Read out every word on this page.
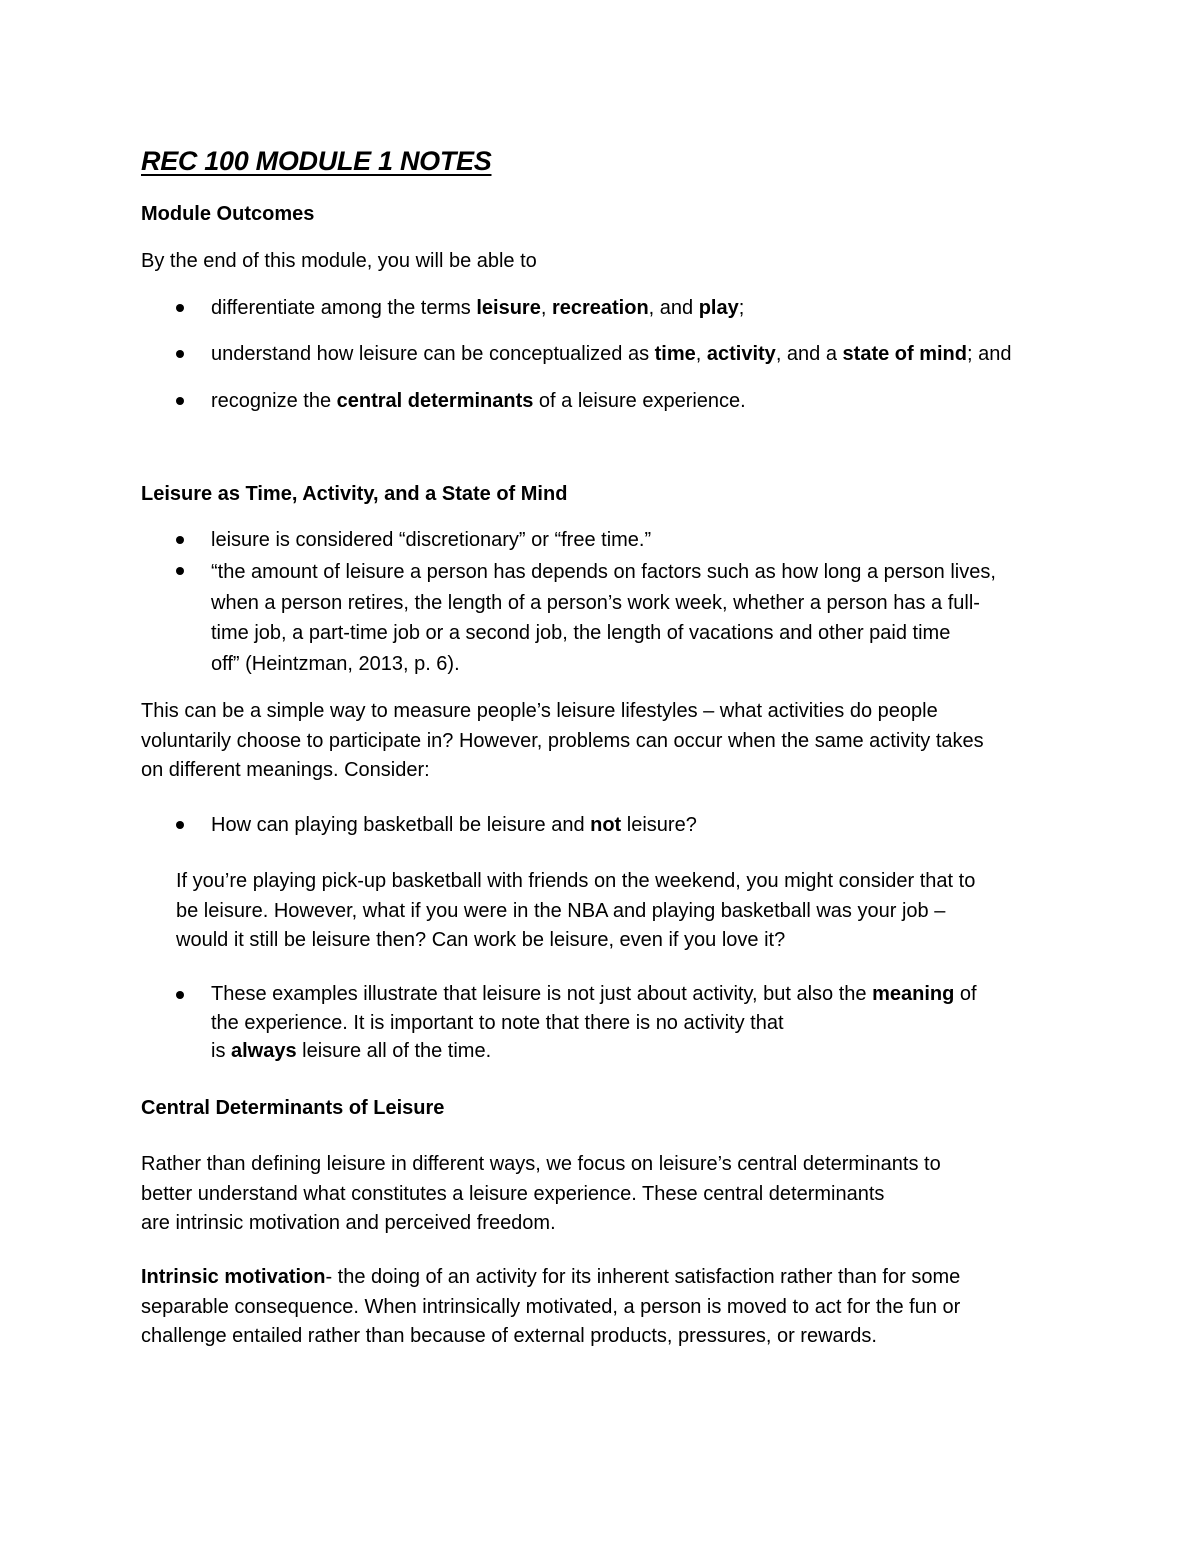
REC 100 MODULE 1 NOTES
Module Outcomes
By the end of this module, you will be able to
differentiate among the terms leisure, recreation, and play;
understand how leisure can be conceptualized as time, activity, and a state of mind; and
recognize the central determinants of a leisure experience.
Leisure as Time, Activity, and a State of Mind
leisure is considered “discretionary” or “free time.”
“the amount of leisure a person has depends on factors such as how long a person lives,
when a person retires, the length of a person’s work week, whether a person has a full-
time job, a part-time job or a second job, the length of vacations and other paid time
off” (Heintzman, 2013, p. 6).
This can be a simple way to measure people’s leisure lifestyles – what activities do people
voluntarily choose to participate in? However, problems can occur when the same activity takes
on different meanings. Consider:
How can playing basketball be leisure and not leisure?
If you’re playing pick-up basketball with friends on the weekend, you might consider that to
be leisure. However, what if you were in the NBA and playing basketball was your job –
would it still be leisure then? Can work be leisure, even if you love it?
These examples illustrate that leisure is not just about activity, but also the meaning of
the experience. It is important to note that there is no activity that
is always leisure all of the time.
Central Determinants of Leisure
Rather than defining leisure in different ways, we focus on leisure’s central determinants to
better understand what constitutes a leisure experience. These central determinants
are intrinsic motivation and perceived freedom.
Intrinsic motivation- the doing of an activity for its inherent satisfaction rather than for some
separable consequence. When intrinsically motivated, a person is moved to act for the fun or
challenge entailed rather than because of external products, pressures, or rewards.
